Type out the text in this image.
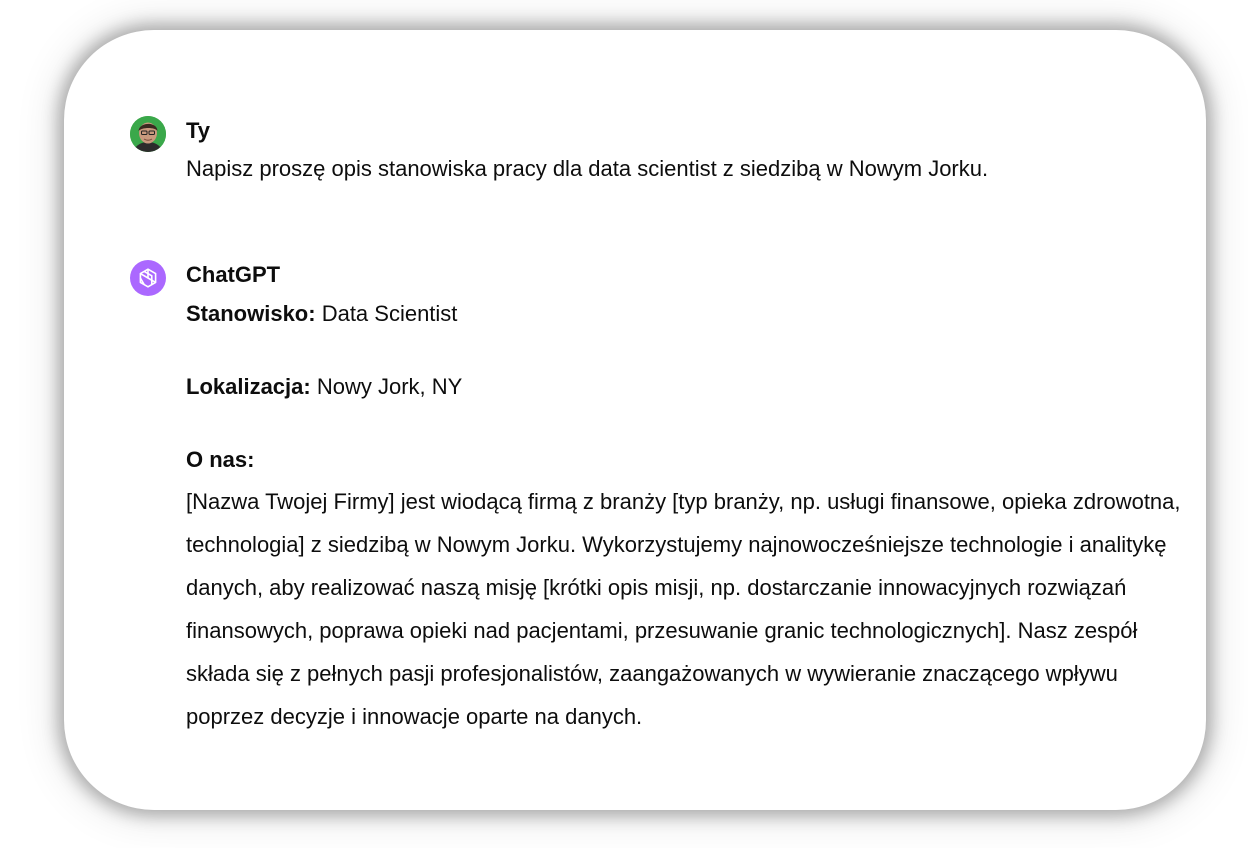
Ty

Napisz proszę opis stanowiska pracy dla data scientist z siedzibą w Nowym Jorku.

ChatGPT

Stanowisko: Data Scientist

Lokalizacja: Nowy Jork, NY

O nas:

[Nazwa Twojej Firmy] jest wiodącą firmą z branży [typ branży, np. usługi finansowe, opieka zdrowotna, technologia] z siedzibą w Nowym Jorku. Wykorzystujemy najnowocześniejsze technologie i analitykę danych, aby realizować naszą misję [krótki opis misji, np. dostarczanie innowacyjnych rozwiązań finansowych, poprawa opieki nad pacjentami, przesuwanie granic technologicznych]. Nasz zespół składa się z pełnych pasji profesjonalistów, zaangażowanych w wywieranie znaczącego wpływu poprzez decyzje i innowacje oparte na danych.
